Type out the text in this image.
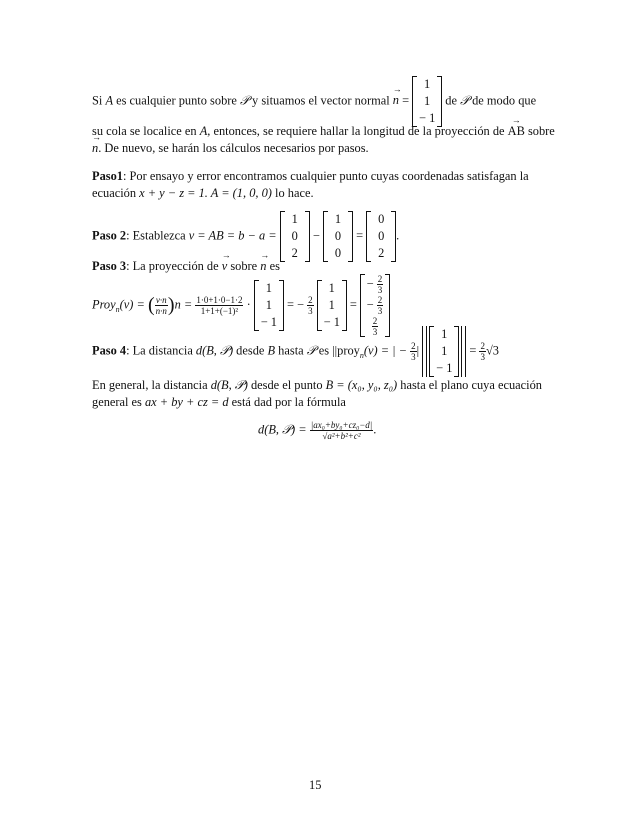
Si A es cualquier punto sobre 𝒫 y situamos el vector normal n → =
1
1
− 1
de 𝒫 de modo que
su cola se localice en A, entonces, se requiere hallar la longitud de la proyección de AB → sobre
n →. De nuevo, se harán los cálculos necesarios por pasos.
Paso1: Por ensayo y error encontramos cualquier punto cuyas coordenadas satisfagan la
ecuación x + y − z = 1. A = (1, 0, 0) lo hace.
Paso 2: Establezca v = AB = b − a =
1
0
2
−
1
0
0
=
0
0
2
.
Paso 3: La proyección de v → sobre n → es
Proy$_n$(v) = ( $\frac{v\cdot n}{n\cdot n} )n = \frac{1\cdot 0+1\cdot 0-1\cdot 2}{\text{1+1+(−1)²}}$ ·
1
1
− 1
= − $\frac{2}{3}$

1
1
− 1
=
− $\frac{2}{3}$
− $\frac{2}{3}$
$\frac{2}{3}$
Paso 4: La distancia d(B, 𝒫) desde B hasta 𝒫 es ||proy$_n$(v) = | − $\frac{2}{3}$ |
1
1
− 1
= $\frac{2}{3} √3$
En general, la distancia d(B, 𝒫) desde el punto B = (x₀, y₀, z₀) hasta el plano cuya ecuación
general es ax + by + cz = d está dad por la fórmula
d(B, 𝒫) = $\frac{\text{|ax₀+by₀+cz₀−d|}}{\text{√a²+b²+c²}}$ .
15
